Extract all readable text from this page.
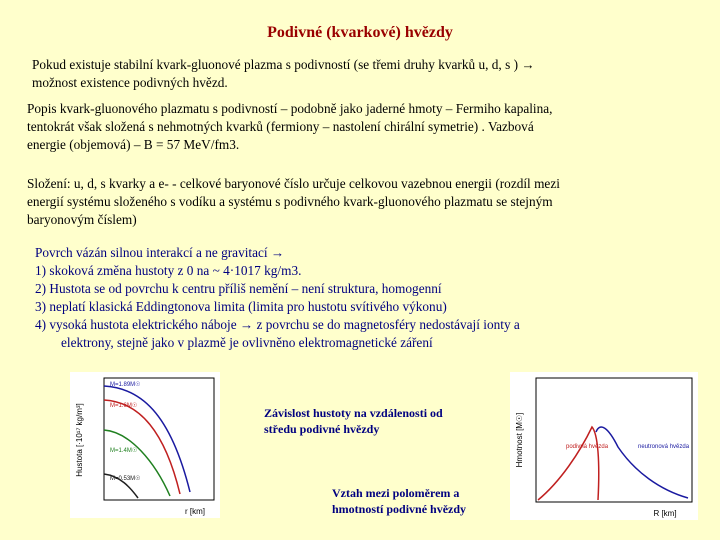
Podivné (kvarkové) hvězdy
Pokud existuje stabilní kvark-gluonové plazma s podivností (se třemi druhy kvarků u, d, s ) →
možnost existence podivných hvězd.
Popis kvark-gluonového plazmatu s podivností – podobně jako jaderné hmoty – Fermiho kapalina,
tentokrát však složená s nehmotných kvarků (fermiony – nastolení chirální symetrie) . Vazbová
energie (objemová) – B = 57 MeV/fm3.
Složení: u, d, s kvarky a e- - celkové baryonové číslo určuje celkovou vazebnou energii (rozdíl mezi
energií systému složeného s vodíku a systému s podivného kvark-gluonového plazmatu se stejným
baryonovým číslem)
Povrch vázán silnou interakcí a ne gravitací →
1) skoková změna hustoty z 0 na ~ 4·1017 kg/m3.
2) Hustota se od povrchu k centru příliš nemění – není struktura, homogenní
3) neplatí klasická Eddingtonova limita (limita pro hustotu svítivého výkonu)
4) vysoká hustota elektrického náboje → z povrchu se do magnetosféry nedostávají ionty a
elektrony, stejně jako v plazmě je ovlivněno elektromagnetické záření
Hustota [·10¹⁷ kg/m³]
r [km]
M=1.89M☉
M=1.6M☉
M=1.4M☉
M=0.53M☉
Závislost hustoty na vzdálenosti od středu podivné hvězdy
Vztah mezi poloměrem a hmotností podivné hvězdy
Hmotnost [M☉]
R [km]
podivná hvězda	neutronová hvězda
